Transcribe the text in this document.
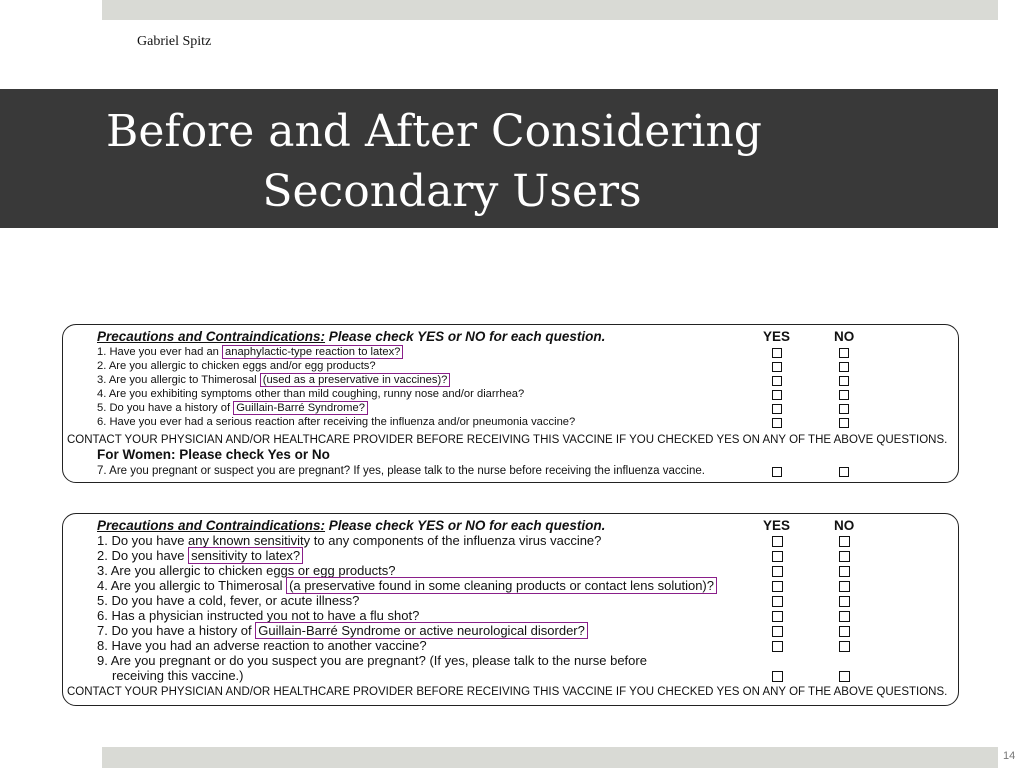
Gabriel Spitz
Before and After Considering
Secondary Users
Precautions and Contraindications: Please check YES or NO for each question.	YES	NO
1. Have you ever had an anaphylactic-type reaction to latex?
2. Are you allergic to chicken eggs and/or egg products?
3. Are you allergic to Thimerosal (used as a preservative in vaccines)?
4. Are you exhibiting symptoms other than mild coughing, runny nose and/or diarrhea?
5. Do you have a history of Guillain-Barré Syndrome?
6. Have you ever had a serious reaction after receiving the influenza and/or pneumonia vaccine?
CONTACT YOUR PHYSICIAN AND/OR HEALTHCARE PROVIDER BEFORE RECEIVING THIS VACCINE IF YOU CHECKED YES ON ANY OF THE ABOVE QUESTIONS.
For Women: Please check Yes or No
7. Are you pregnant or suspect you are pregnant? If yes, please talk to the nurse before receiving the influenza vaccine.
Precautions and Contraindications: Please check YES or NO for each question.	YES	NO
1. Do you have any known sensitivity to any components of the influenza virus vaccine?
2. Do you have sensitivity to latex?
3. Are you allergic to chicken eggs or egg products?
4. Are you allergic to Thimerosal (a preservative found in some cleaning products or contact lens solution)?
5. Do you have a cold, fever, or acute illness?
6. Has a physician instructed you not to have a flu shot?
7. Do you have a history of Guillain-Barré Syndrome or active neurological disorder?
8. Have you had an adverse reaction to another vaccine?
9. Are you pregnant or do you suspect you are pregnant? (If yes, please talk to the nurse before
receiving this vaccine.)
CONTACT YOUR PHYSICIAN AND/OR HEALTHCARE PROVIDER BEFORE RECEIVING THIS VACCINE IF YOU CHECKED YES ON ANY OF THE ABOVE QUESTIONS.
14
